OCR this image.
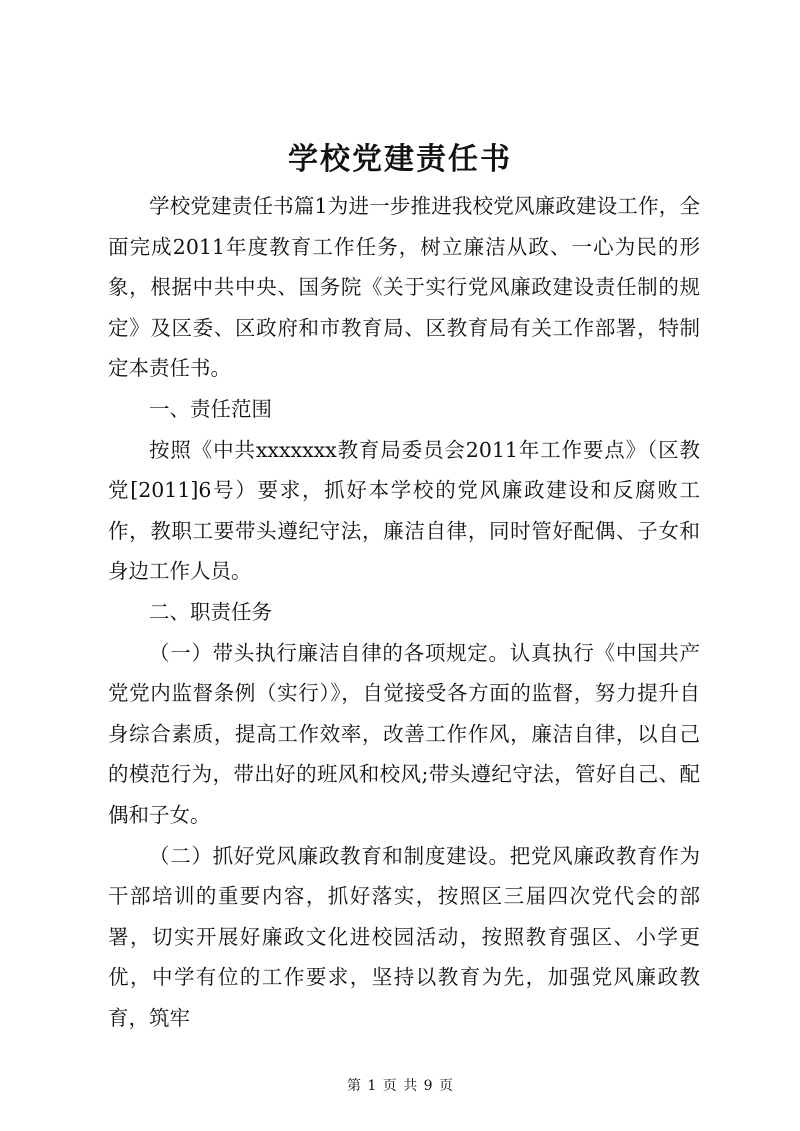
学校党建责任书

学校党建责任书篇1为进一步推进我校党风廉政建设工作，全面完成2011年度教育工作任务，树立廉洁从政、一心为民的形象，根据中共中央、国务院《关于实行党风廉政建设责任制的规定》及区委、区政府和市教育局、区教育局有关工作部署，特制定本责任书。

一、责任范围

按照《中共xxxxxxx教育局委员会2011年工作要点》（区教党[2011]6号）要求，抓好本学校的党风廉政建设和反腐败工作，教职工要带头遵纪守法，廉洁自律，同时管好配偶、子女和身边工作人员。

二、职责任务

（一）带头执行廉洁自律的各项规定。认真执行《中国共产党党内监督条例（实行）》，自觉接受各方面的监督，努力提升自身综合素质，提高工作效率，改善工作作风，廉洁自律，以自己的模范行为，带出好的班风和校风;带头遵纪守法，管好自己、配偶和子女。

（二）抓好党风廉政教育和制度建设。把党风廉政教育作为干部培训的重要内容，抓好落实，按照区三届四次党代会的部署，切实开展好廉政文化进校园活动，按照教育强区、小学更优，中学有位的工作要求，坚持以教育为先，加强党风廉政教育，筑牢

第 1 页 共 9 页
